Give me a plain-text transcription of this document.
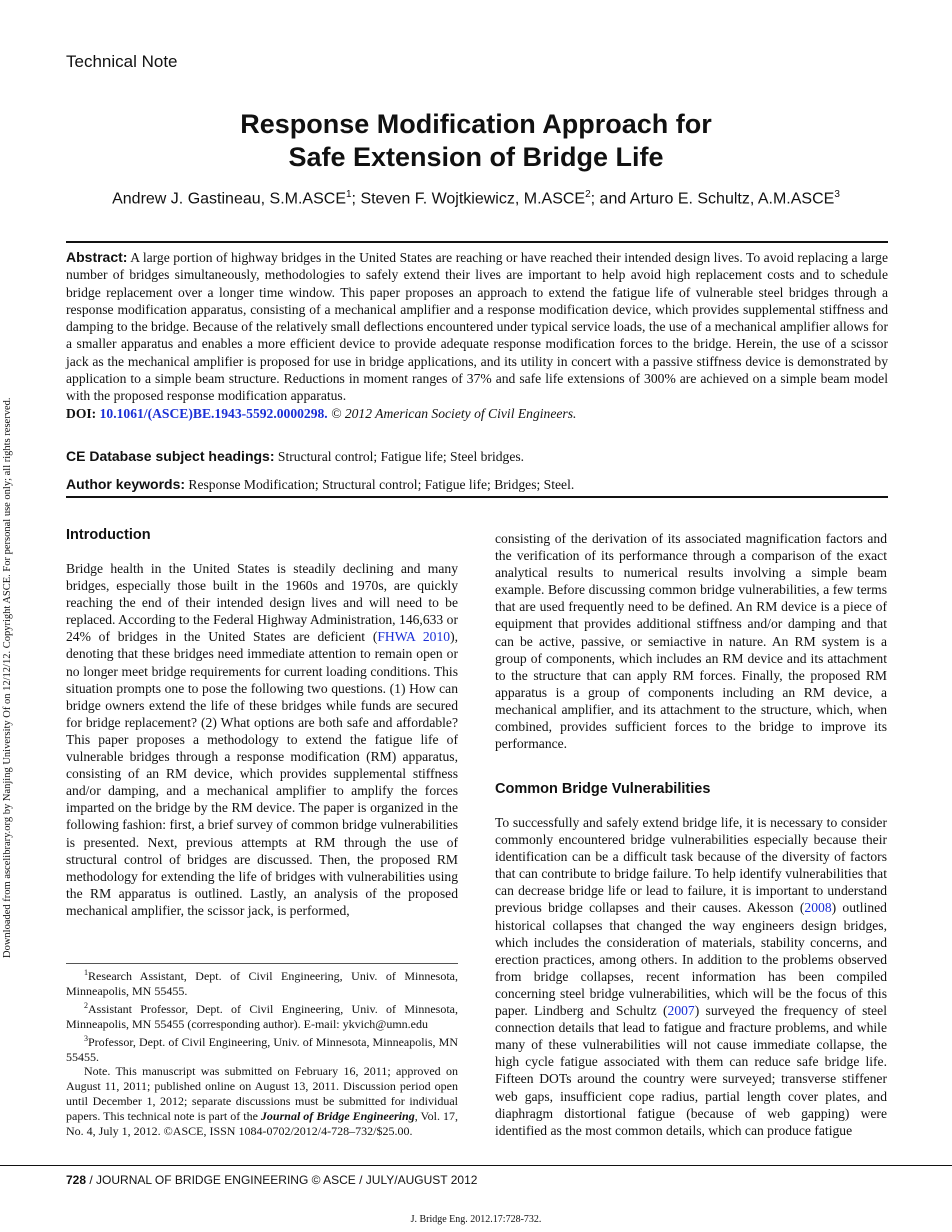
Technical Note
Response Modification Approach for
Safe Extension of Bridge Life
Andrew J. Gastineau, S.M.ASCE$^1$; Steven F. Wojtkiewicz, M.ASCE$^2$; and Arturo E. Schultz, A.M.ASCE$^3$
Abstract: A large portion of highway bridges in the United States are reaching or have reached their intended design lives. To avoid replacing a large number of bridges simultaneously, methodologies to safely extend their lives are important to help avoid high replacement costs and to schedule bridge replacement over a longer time window. This paper proposes an approach to extend the fatigue life of vulnerable steel bridges through a response modification apparatus, consisting of a mechanical amplifier and a response modification device, which provides supplemental stiffness and damping to the bridge. Because of the relatively small deflections encountered under typical service loads, the use of a mechanical amplifier allows for a smaller apparatus and enables a more efficient device to provide adequate response modification forces to the bridge. Herein, the use of a scissor jack as the mechanical amplifier is proposed for use in bridge applications, and its utility in concert with a passive stiffness device is demonstrated by application to a simple beam structure. Reductions in moment ranges of 37% and safe life extensions of 300% are achieved on a simple beam model with the proposed response modification apparatus.
DOI: 10.1061/(ASCE)BE.1943-5592.0000298. © 2012 American Society of Civil Engineers.
CE Database subject headings: Structural control; Fatigue life; Steel bridges.
Author keywords: Response Modification; Structural control; Fatigue life; Bridges; Steel.
Introduction

Bridge health in the United States is steadily declining and many bridges, especially those built in the 1960s and 1970s, are quickly reaching the end of their intended design lives and will need to be replaced. According to the Federal Highway Administration, 146,633 or 24% of bridges in the United States are deficient (FHWA 2010), denoting that these bridges need immediate attention to remain open or no longer meet bridge requirements for current loading conditions. This situation prompts one to pose the following two questions. (1) How can bridge owners extend the life of these bridges while funds are secured for bridge replacement? (2) What options are both safe and affordable? This paper proposes a methodology to extend the fatigue life of vulnerable bridges through a response modification (RM) apparatus, consisting of an RM device, which provides supplemental stiffness and/or damping, and a mechanical amplifier to amplify the forces imparted on the bridge by the RM device. The paper is organized in the following fashion: first, a brief survey of common bridge vulnerabilities is presented. Next, previous attempts at RM through the use of structural control of bridges are discussed. Then, the proposed RM methodology for extending the life of bridges with vulnerabilities using the RM apparatus is outlined. Lastly, an analysis of the proposed mechanical amplifier, the scissor jack, is performed,

$^1$Research Assistant, Dept. of Civil Engineering, Univ. of Minnesota, Minneapolis, MN 55455.

$^2$Assistant Professor, Dept. of Civil Engineering, Univ. of Minnesota, Minneapolis, MN 55455 (corresponding author). E-mail: ykvich@umn.edu

$^3$Professor, Dept. of Civil Engineering, Univ. of Minnesota, Minneapolis, MN 55455.

Note. This manuscript was submitted on February 16, 2011; approved on August 11, 2011; published online on August 13, 2011. Discussion period open until December 1, 2012; separate discussions must be submitted for individual papers. This technical note is part of the Journal of Bridge Engineering, Vol. 17, No. 4, July 1, 2012. ©ASCE, ISSN 1084-0702/2012/4-728–732/$25.00.

consisting of the derivation of its associated magnification factors and the verification of its performance through a comparison of the exact analytical results to numerical results involving a simple beam example. Before discussing common bridge vulnerabilities, a few terms that are used frequently need to be defined. An RM device is a piece of equipment that provides additional stiffness and/or damping and that can be active, passive, or semiactive in nature. An RM system is a group of components, which includes an RM device and its attachment to the structure that can apply RM forces. Finally, the proposed RM apparatus is a group of components including an RM device, a mechanical amplifier, and its attachment to the structure, which, when combined, provides sufficient forces to the bridge to improve its performance.

Common Bridge Vulnerabilities

To successfully and safely extend bridge life, it is necessary to consider commonly encountered bridge vulnerabilities especially because their identification can be a difficult task because of the diversity of factors that can contribute to bridge failure. To help identify vulnerabilities that can decrease bridge life or lead to failure, it is important to understand previous bridge collapses and their causes. Akesson (2008) outlined historical collapses that changed the way engineers design bridges, which includes the consideration of materials, stability concerns, and erection practices, among others. In addition to the problems observed from bridge collapses, recent information has been compiled concerning steel bridge vulnerabilities, which will be the focus of this paper. Lindberg and Schultz (2007) surveyed the frequency of steel connection details that lead to fatigue and fracture problems, and while many of these vulnerabilities will not cause immediate collapse, the high cycle fatigue associated with them can reduce safe bridge life. Fifteen DOTs around the country were surveyed; transverse stiffener web gaps, insufficient cope radius, partial length cover plates, and diaphragm distortional fatigue (because of web gapping) were identified as the most common details, which can produce fatigue

728 / JOURNAL OF BRIDGE ENGINEERING © ASCE / JULY/AUGUST 2012
J. Bridge Eng. 2012.17:728-732.
Downloaded from ascelibrary.org by Nanjing University Of on 12/12/12. Copyright ASCE. For personal use only; all rights reserved.
